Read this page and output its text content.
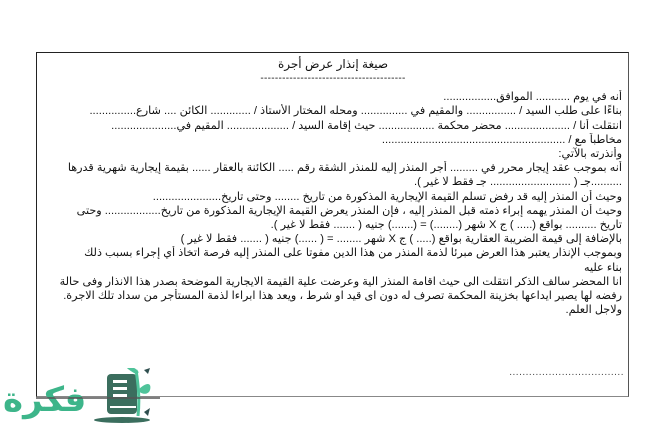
صيغة إنذار عرض أجرة
----------------------------------------
أنه في يوم ........... الموافق.................
بناءًا على طلب السيد / ................ والمقيم في ............... ومحله المختار الأستاذ / ............. الكائن .... شارع...............
انتقلت أنا / ..................... محضر محكمة .................. حيث إقامة السيد / .................... المقيم في.....................
مخاطباً مع / ...........................................................
وأنذرته بالآتي:
أنه بموجب عقد إيجار محرر في ......... أجر المنذر إليه للمنذر الشقة رقم ..... الكائنة بالعقار ...... بقيمة إيجارية شهرية قدرها
..........جـ ( .......................... جـ فقط لا غير ).
وحيث أن المنذر إليه قد رفض تسلم القيمة الإيجارية المذكورة من تاريخ ........ وحتى تاريخ......................
وحيث أن المنذر يهمه إبراء ذمته قبل المنذر إليه ، فإن المنذر يعرض القيمة الإيجارية المذكورة من تاريخ.................. وحتى
تاريخ .......... بواقع (..... ) ج X شهر (........) = (.......) جنيه ( ....... فقط لا غير ).
بالإضافة إلى قيمة الضريبة العقارية بواقع (..... ) ج X شهر ........ = ( ......) جنيه ( ....... فقط لا غير )
وبموجب الإنذار يعتبر هذا العرض مبرئا لذمة المنذر من هذا الدين مفوتا على المنذر إليه فرصة اتخاذ أي إجراء بسبب ذلك
بناء عليه
انا المحضر سالف الذكر انتقلت الى حيث اقامة المنذر الية وعرضت علية القيمة الايجارية الموضحة بصدر هذا الانذار وفى حالة
رفضه لها يصير ايداعها بخزينة المحكمة تصرف له دون اى قيد او شرط ، ويعد هذا ابراءا لذمة المستأجر من سداد تلك الاجرة.
ولاجل العلم.
...................................
فكرة
